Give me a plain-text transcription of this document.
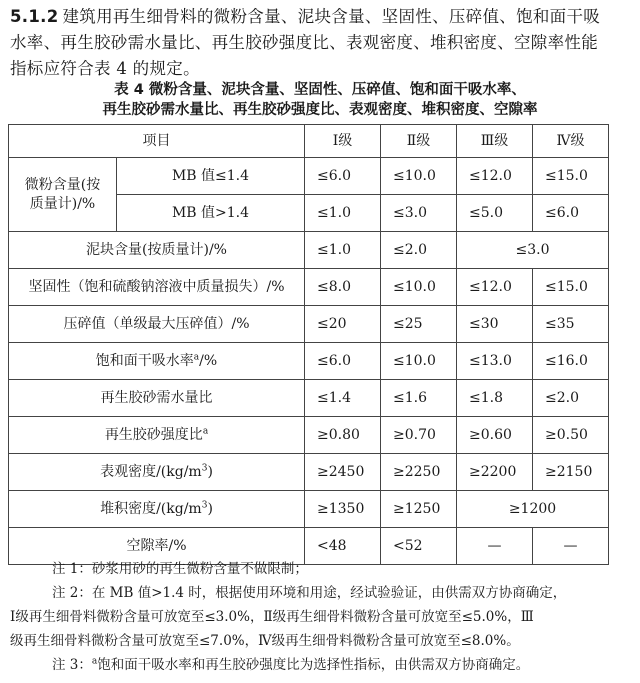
5.1.2 建筑用再生细骨料的微粉含量、泥块含量、坚固性、压碎值、饱和面干吸
水率、再生胶砂需水量比、再生胶砂强度比、表观密度、堆积密度、空隙率性能
指标应符合表 4 的规定。
表 4 微粉含量、泥块含量、坚固性、压碎值、饱和面干吸水率、
再生胶砂需水量比、再生胶砂强度比、表观密度、堆积密度、空隙率
项目		Ⅰ级	Ⅱ级	Ⅲ级	Ⅳ级

微粉含量(按
质量计)/%	MB 值≤1.4	≤6.0	≤10.0	≤12.0	≤15.0
	MB 值>1.4	≤1.0	≤3.0	≤5.0	≤6.0
泥块含量(按质量计)/%		≤1.0	≤2.0	≤3.0	
坚固性（饱和硫酸钠溶液中质量损失）/%		≤8.0	≤10.0	≤12.0	≤15.0
压碎值（单级最大压碎值）/%		≤20	≤25	≤30	≤35
饱和面干吸水率$^a$/%		≤6.0	≤10.0	≤13.0	≤16.0
再生胶砂需水量比		≤1.4	≤1.6	≤1.8	≤2.0
再生胶砂强度比$^a$		≥0.80	≥0.70	≥0.60	≥0.50
表观密度$/(kg/m^3)$		≥2450	≥2250	≥2200	≥2150
堆积密度$/(kg/m^3)$		≥1350	≥1250	≥1200	
空隙率/%		<48	<52	—	—
注 1：砂浆用砂的再生微粉含量不做限制；
注 2：在 MB 值>1.4 时，根据使用环境和用途，经试验验证，由供需双方协商确定，
Ⅰ级再生细骨料微粉含量可放宽至≤3.0%，Ⅱ级再生细骨料微粉含量可放宽至≤5.0%，Ⅲ
级再生细骨料微粉含量可放宽至≤7.0%，Ⅳ级再生细骨料微粉含量可放宽至≤8.0%。
注 3：$^a$饱和面干吸水率和再生胶砂强度比为选择性指标，由供需双方协商确定。
